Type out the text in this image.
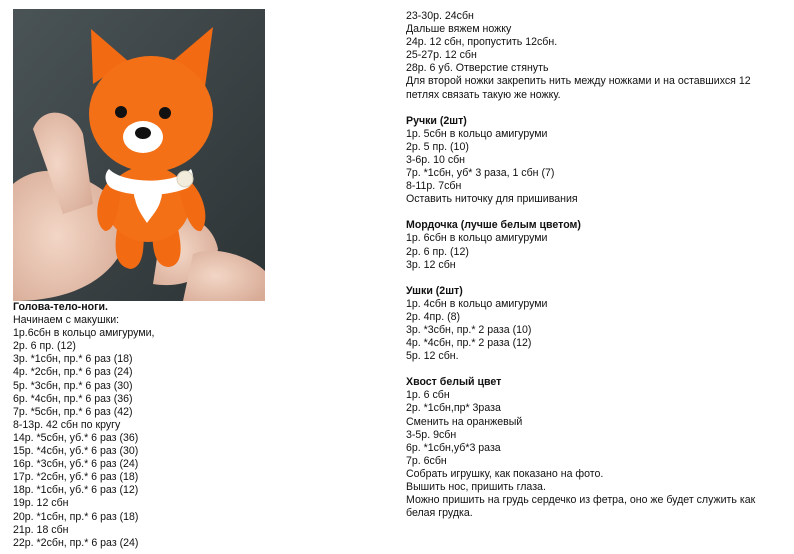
Голова-тело-ноги.
Начинаем с макушки:
1р.6сбн в кольцо амигуруми,
2р. 6 пр. (12)
3р. *1сбн, пр.* 6 раз (18)
4р. *2сбн, пр.* 6 раз (24)
5р. *3сбн, пр.* 6 раз (30)
6р. *4сбн, пр.* 6 раз (36)
7р. *5сбн, пр.* 6 раз (42)
8-13р. 42 сбн по кругу
14р. *5сбн, уб.* 6 раз (36)
15р. *4сбн, уб.* 6 раз (30)
16р. *3сбн, уб.* 6 раз (24)
17р. *2сбн, уб.* 6 раз (18)
18р. *1сбн, уб.* 6 раз (12)
19р. 12 сбн
20р. *1сбн, пр.* 6 раз (18)
21р. 18 сбн
22р. *2сбн, пр.* 6 раз (24)
23-30р. 24сбн
Дальше вяжем ножку
24р. 12 сбн, пропустить 12сбн.
25-27р. 12 сбн
28р. 6 уб. Отверстие стянуть
Для второй ножки закрепить нить между ножками и на оставшихся 12 петлях связать такую же ножку.
Ручки (2шт)
1р. 5сбн в кольцо амигуруми
2р. 5 пр. (10)
3-6р. 10 сбн
7р. *1сбн, уб* 3 раза, 1 сбн (7)
8-11р. 7сбн
Оставить ниточку для пришивания
Мордочка (лучше белым цветом)
1р. 6сбн в кольцо амигуруми
2р. 6 пр. (12)
3р. 12 сбн
Ушки (2шт)
1р. 4сбн в кольцо амигуруми
2р. 4пр. (8)
3р. *3сбн, пр.* 2 раза (10)
4р. *4сбн, пр.* 2 раза (12)
5р. 12 сбн.
Хвост белый цвет
1р. 6 сбн
2р. *1сбн,пр* 3раза
Сменить на оранжевый
3-5р. 9сбн
6р. *1сбн,уб*3 раза
7р. 6сбн
Собрать игрушку, как показано на фото.
Вышить нос, пришить глаза.
Можно пришить на грудь сердечко из фетра, оно же будет служить как белая грудка.
